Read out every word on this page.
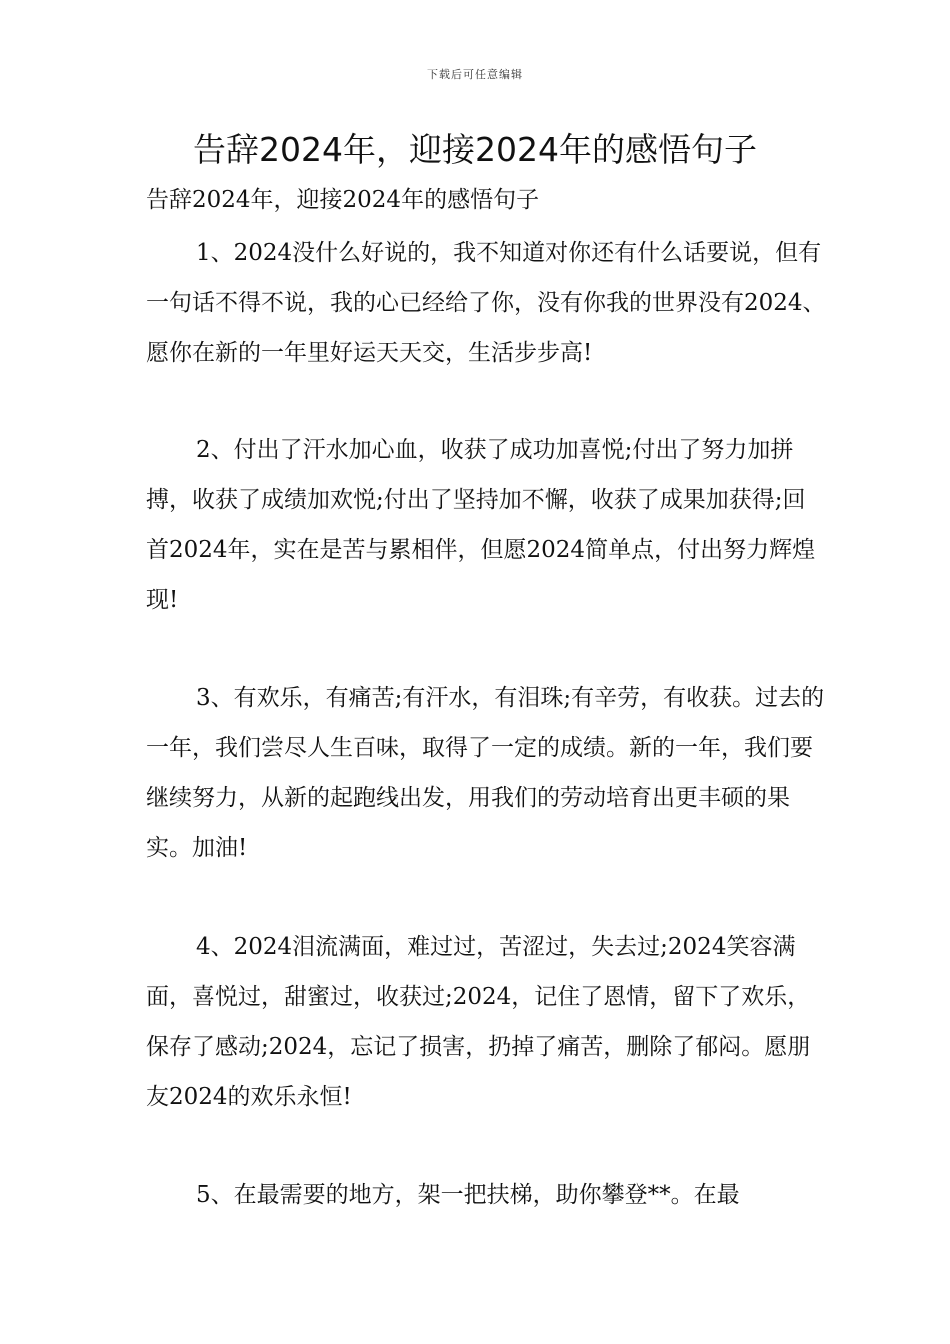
下载后可任意编辑
告辞2024年，迎接2024年的感悟句子

告辞2024年，迎接2024年的感悟句子

1、2024没什么好说的，我不知道对你还有什么话要说，但有一句话不得不说，我的心已经给了你，没有你我的世界没有2024、愿你在新的一年里好运天天交，生活步步高!

2、付出了汗水加心血，收获了成功加喜悦;付出了努力加拼搏，收获了成绩加欢悦;付出了坚持加不懈，收获了成果加获得;回首2024年，实在是苦与累相伴，但愿2024简单点，付出努力辉煌现!

3、有欢乐，有痛苦;有汗水，有泪珠;有辛劳，有收获。过去的一年，我们尝尽人生百味，取得了一定的成绩。新的一年，我们要继续努力，从新的起跑线出发，用我们的劳动培育出更丰硕的果实。加油!

4、2024泪流满面，难过过，苦涩过，失去过;2024笑容满面，喜悦过，甜蜜过，收获过;2024，记住了恩情，留下了欢乐，保存了感动;2024，忘记了损害，扔掉了痛苦，删除了郁闷。愿朋友2024的欢乐永恒!

5、在最需要的地方，架一把扶梯，助你攀登**。在最
